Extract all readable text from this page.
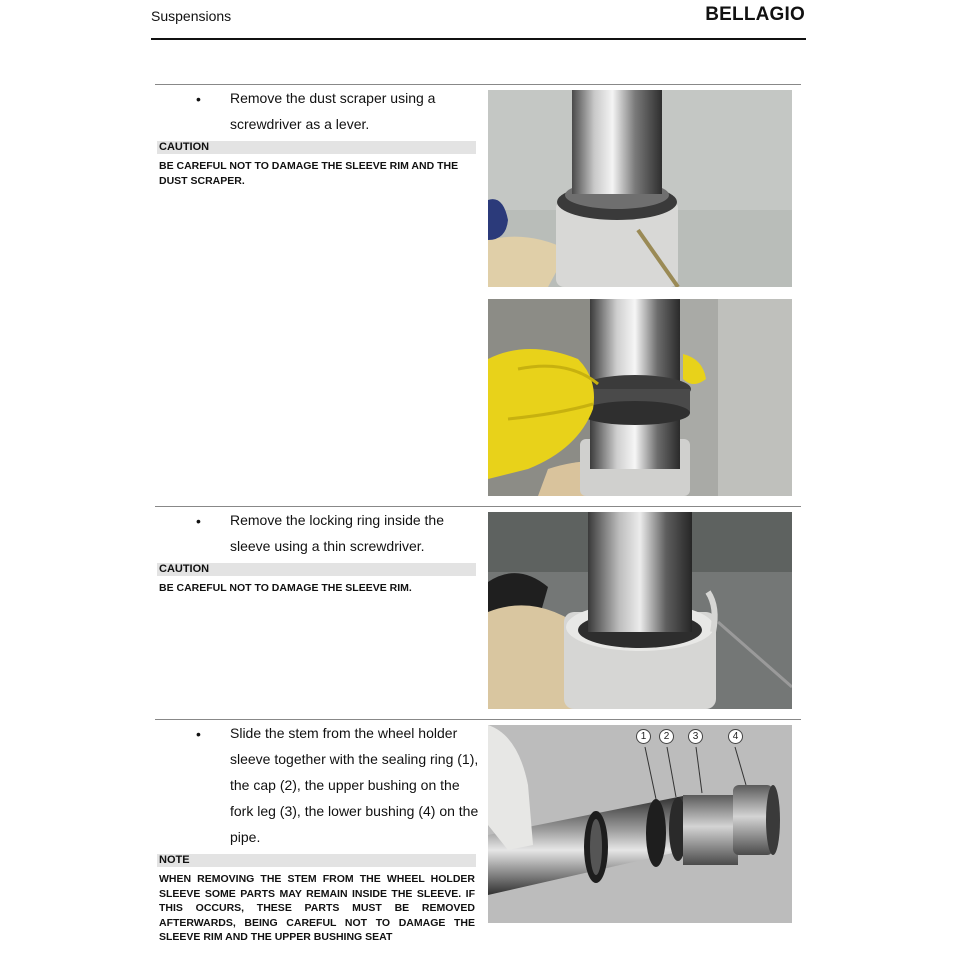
Suspensions	BELLAGIO
• Remove the dust scraper using a screwdriver as a lever.
CAUTION
BE CAREFUL NOT TO DAMAGE THE SLEEVE RIM AND THE DUST SCRAPER.
• Remove the locking ring inside the sleeve using a thin screwdriver.
CAUTION
BE CAREFUL NOT TO DAMAGE THE SLEEVE RIM.
• Slide the stem from the wheel holder sleeve together with the sealing ring (1), the cap (2), the upper bushing on the fork leg (3), the lower bushing (4) on the pipe.
NOTE
WHEN REMOVING THE STEM FROM THE WHEEL HOLDER SLEEVE SOME PARTS MAY REMAIN INSIDE THE SLEEVE. IF THIS OCCURS, THESE PARTS MUST BE REMOVED AFTERWARDS, BEING CAREFUL NOT TO DAMAGE THE SLEEVE RIM AND THE UPPER BUSHING SEAT
1	2	3	4
